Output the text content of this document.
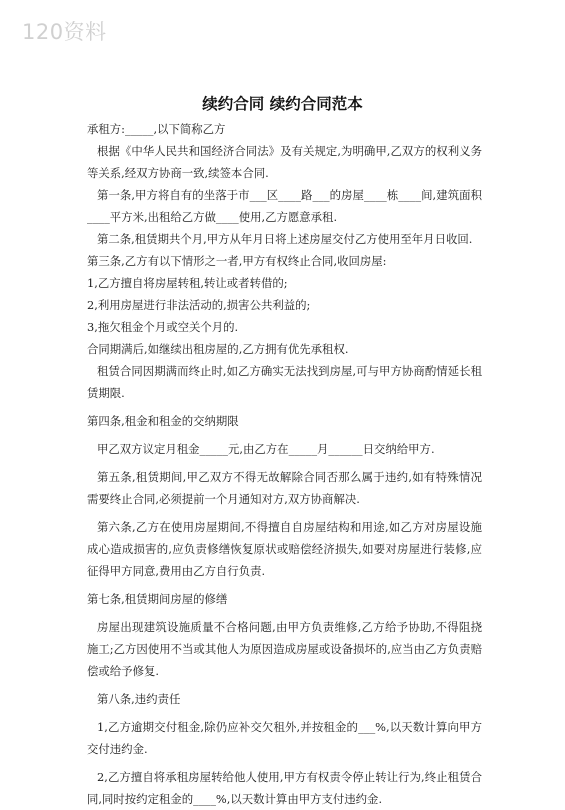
120资料
续约合同 续约合同范本

承租方:_____,以下简称乙方

根据《中华人民共和国经济合同法》及有关规定,为明确甲,乙双方的权利义务等关系,经双方协商一致,续签本合同.

第一条,甲方将自有的坐落于市___区____路___的房屋____栋____间,建筑面积____平方米,出租给乙方做____使用,乙方愿意承租.

第二条,租赁期共个月,甲方从年月日将上述房屋交付乙方使用至年月日收回.

第三条,乙方有以下情形之一者,甲方有权终止合同,收回房屋:

1,乙方擅自将房屋转租,转让或者转借的;

2,利用房屋进行非法活动的,损害公共利益的;

3,拖欠租金个月或空关个月的.

合同期满后,如继续出租房屋的,乙方拥有优先承租权.

租赁合同因期满而终止时,如乙方确实无法找到房屋,可与甲方协商酌情延长租赁期限.

第四条,租金和租金的交纳期限

甲乙双方议定月租金_____元,由乙方在_____月______日交纳给甲方.

第五条,租赁期间,甲乙双方不得无故解除合同否那么属于违约,如有特殊情况需要终止合同,必须提前一个月通知对方,双方协商解决.

第六条,乙方在使用房屋期间,不得擅自自房屋结构和用途,如乙方对房屋设施成心造成损害的,应负责修缮恢复原状或赔偿经济损失,如要对房屋进行装修,应征得甲方同意,费用由乙方自行负责.

第七条,租赁期间房屋的修缮

房屋出现建筑设施质量不合格问题,由甲方负责维修,乙方给予协助,不得阻挠施工;乙方因使用不当或其他人为原因造成房屋或设备损坏的,应当由乙方负责赔偿或给予修复.

第八条,违约责任

1,乙方逾期交付租金,除仍应补交欠租外,并按租金的___%,以天数计算向甲方交付违约金.

2,乙方擅自将承租房屋转给他人使用,甲方有权责令停止转让行为,终止租赁合同,同时按约定租金的____%,以天数计算由甲方支付违约金.
